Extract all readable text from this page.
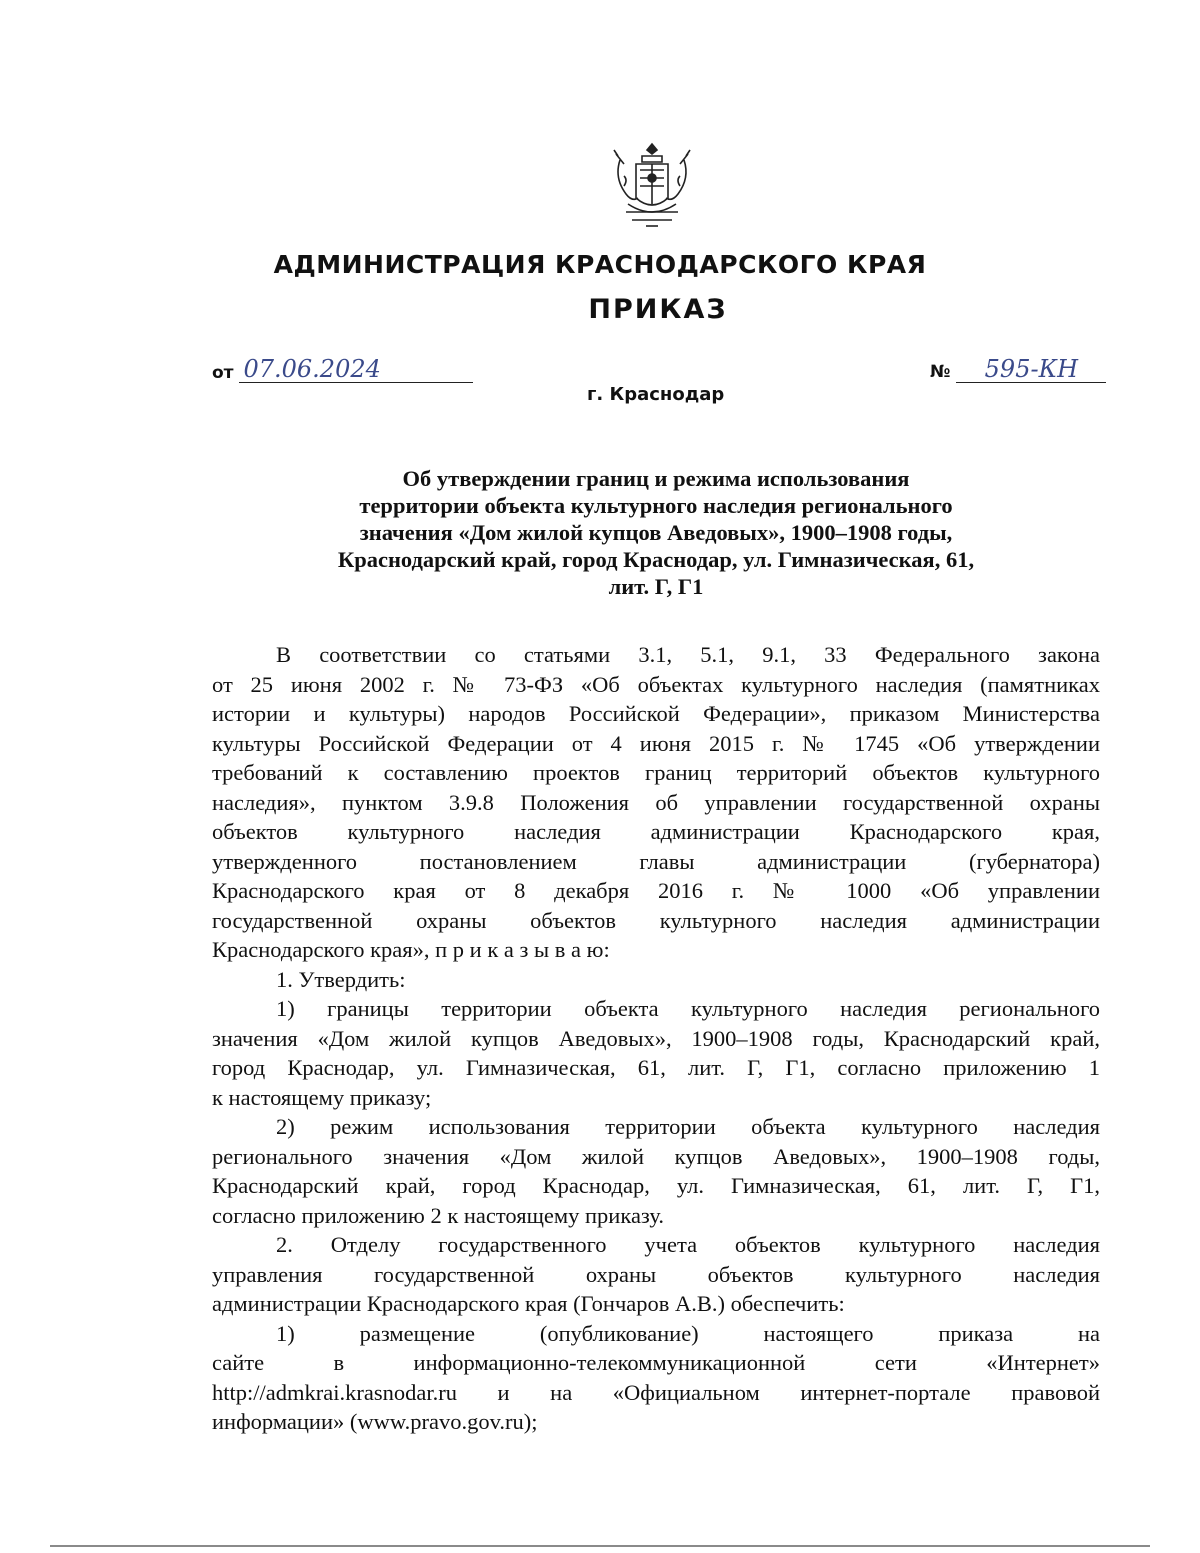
АДМИНИСТРАЦИЯ КРАСНОДАРСКОГО КРАЯ
ПРИКАЗ
от 07.06.2024	№ 595-КН
г. Краснодар
Об утверждении границ и режима использования
территории объекта культурного наследия регионального
значения «Дом жилой купцов Аведовых», 1900–1908 годы,
Краснодарский край, город Краснодар, ул. Гимназическая, 61,
лит. Г, Г1
В соответствии со статьями 3.1, 5.1, 9.1, 33 Федерального закона
от 25 июня 2002 г. № 73-ФЗ «Об объектах культурного наследия (памятниках
истории и культуры) народов Российской Федерации», приказом Министерства
культуры Российской Федерации от 4 июня 2015 г. № 1745 «Об утверждении
требований к составлению проектов границ территорий объектов культурного
наследия», пунктом 3.9.8 Положения об управлении государственной охраны
объектов культурного наследия администрации Краснодарского края,
утвержденного постановлением главы администрации (губернатора)
Краснодарского края от 8 декабря 2016 г. № 1000 «Об управлении
государственной охраны объектов культурного наследия администрации
Краснодарского края», п р и к а з ы в а ю:
1. Утвердить:
1) границы территории объекта культурного наследия регионального
значения «Дом жилой купцов Аведовых», 1900–1908 годы, Краснодарский край,
город Краснодар, ул. Гимназическая, 61, лит. Г, Г1, согласно приложению 1
к настоящему приказу;
2) режим использования территории объекта культурного наследия
регионального значения «Дом жилой купцов Аведовых», 1900–1908 годы,
Краснодарский край, город Краснодар, ул. Гимназическая, 61, лит. Г, Г1,
согласно приложению 2 к настоящему приказу.
2. Отделу государственного учета объектов культурного наследия
управления государственной охраны объектов культурного наследия
администрации Краснодарского края (Гончаров А.В.) обеспечить:
1) размещение (опубликование) настоящего приказа на
сайте в информационно-телекоммуникационной сети «Интернет»
http://admkrai.krasnodar.ru и на «Официальном интернет-портале правовой
информации» (www.pravo.gov.ru);
